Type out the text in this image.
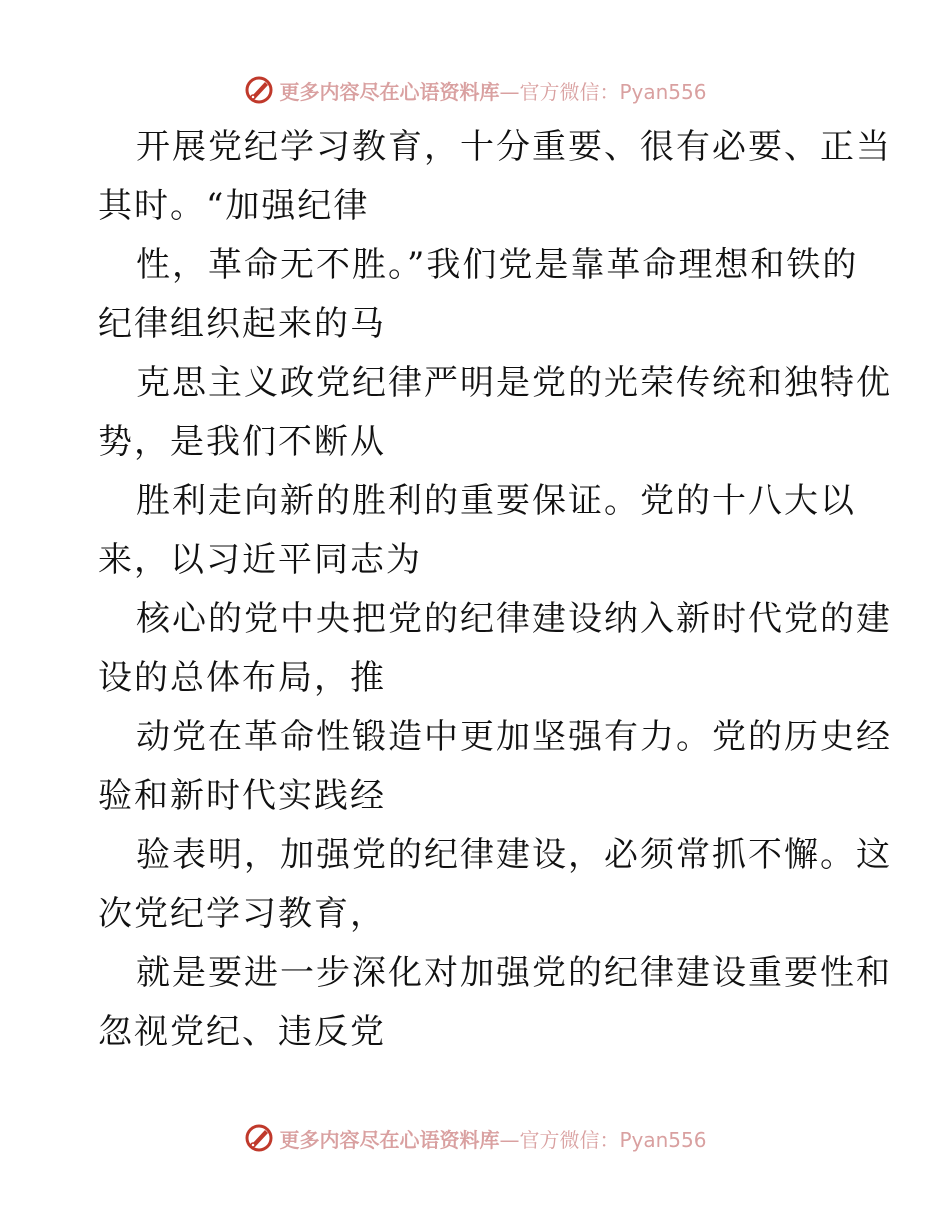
更多内容尽在心语资料库 —官方微信：Pyan556
开展党纪学习教育，十分重要、很有必要、正当
其时。“加强纪律
性，革命无不胜。”我们党是靠革命理想和铁的
纪律组织起来的马
克思主义政党纪律严明是党的光荣传统和独特优
势，是我们不断从
胜利走向新的胜利的重要保证。党的十八大以
来，以习近平同志为
核心的党中央把党的纪律建设纳入新时代党的建
设的总体布局，推
动党在革命性锻造中更加坚强有力。党的历史经
验和新时代实践经
验表明，加强党的纪律建设，必须常抓不懈。这
次党纪学习教育，
就是要进一步深化对加强党的纪律建设重要性和
忽视党纪、违反党
更多内容尽在心语资料库 —官方微信：Pyan556
